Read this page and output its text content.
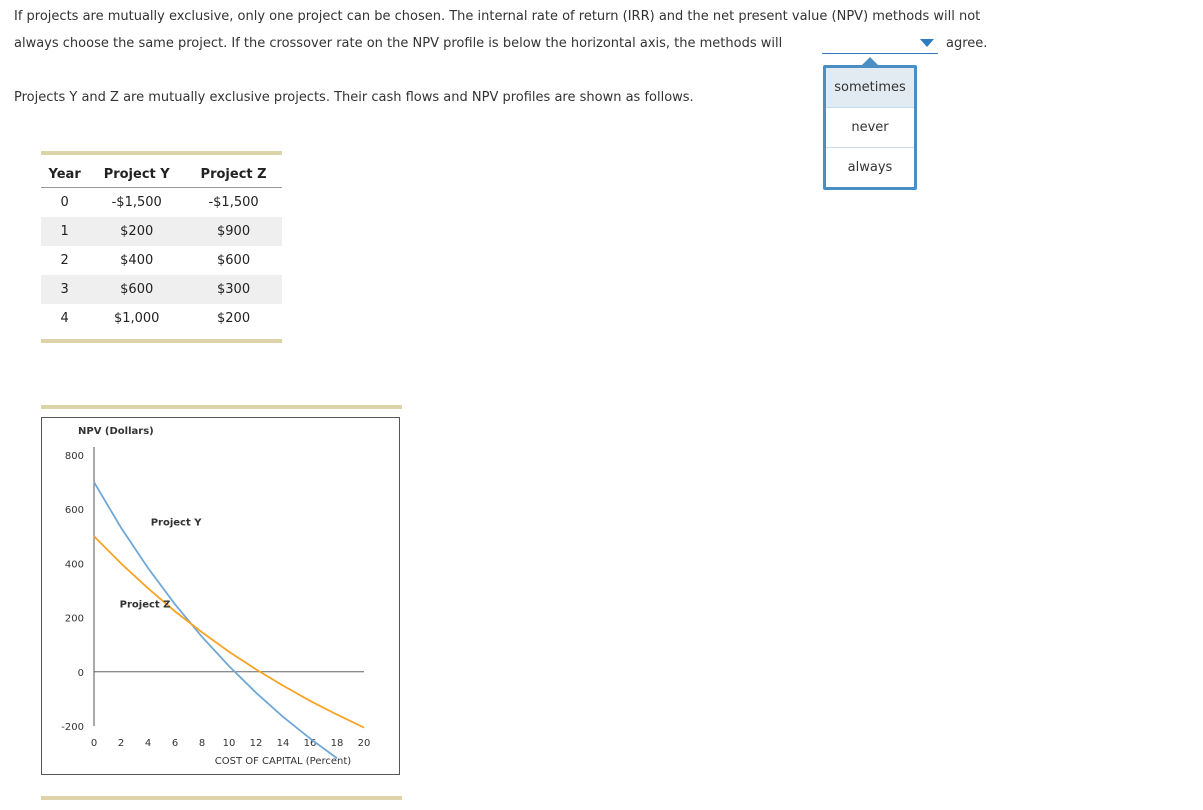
If projects are mutually exclusive, only one project can be chosen. The internal rate of return (IRR) and the net present value (NPV) methods will not
always choose the same project. If the crossover rate on the NPV profile is below the horizontal axis, the methods will	agree.
sometimes
never
always
Projects Y and Z are mutually exclusive projects. Their cash flows and NPV profiles are shown as follows.
Year	Project Y	Project Z
0	-$1,500	-$1,500
1	$200	$900
2	$400	$600
3	$600	$300
4	$1,000	$200
800
600
400
200
0
-200
0 2 4 6 8 10 12 14 16 18 20
NPV (Dollars)
COST OF CAPITAL (Percent)
Project Y
Project Z
